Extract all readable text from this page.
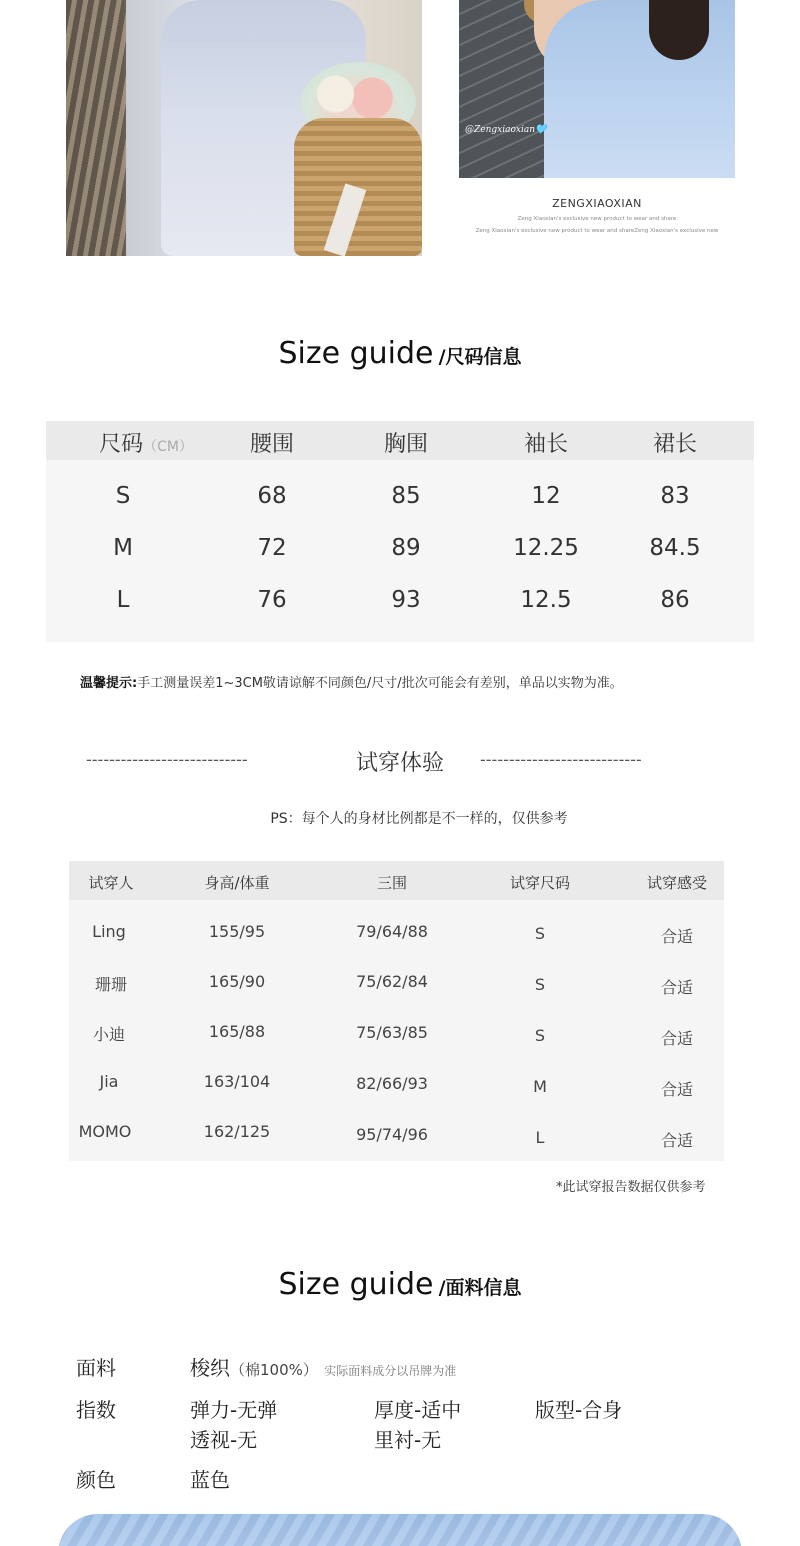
@Zengxiaoxian🩵
ZENGXIAOXIAN
Zeng Xiaoxian's exclusive new product to wear and share
Zeng Xiaoxian's exclusive new product to wear and shareZeng Xiaoxian's exclusive new
Size guide /尺码信息
尺码（CM）	腰围	胸围	袖长	裙长
S	68	85	12	83
M	72	89	12.25	84.5
L	76	93	12.5	86
温馨提示:手工测量误差1~3CM敬请谅解不同颜色/尺寸/批次可能会有差别，单品以实物为准。
----------------------------	试穿体验	----------------------------
PS：每个人的身材比例都是不一样的，仅供参考
试穿人	身高/体重	三围	试穿尺码	试穿感受
Ling	155/95	79/64/88	S	合适
珊珊	165/90	75/62/84	S	合适
小迪	165/88	75/63/85	S	合适
Jia	163/104	82/66/93	M	合适
MOMO	162/125	95/74/96	L	合适
*此试穿报告数据仅供参考
Size guide /面料信息
面料	梭织（棉100%） 实际面料成分以吊牌为准
指数	弹力-无弹	厚度-适中	版型-合身
透视-无	里衬-无
颜色	蓝色
